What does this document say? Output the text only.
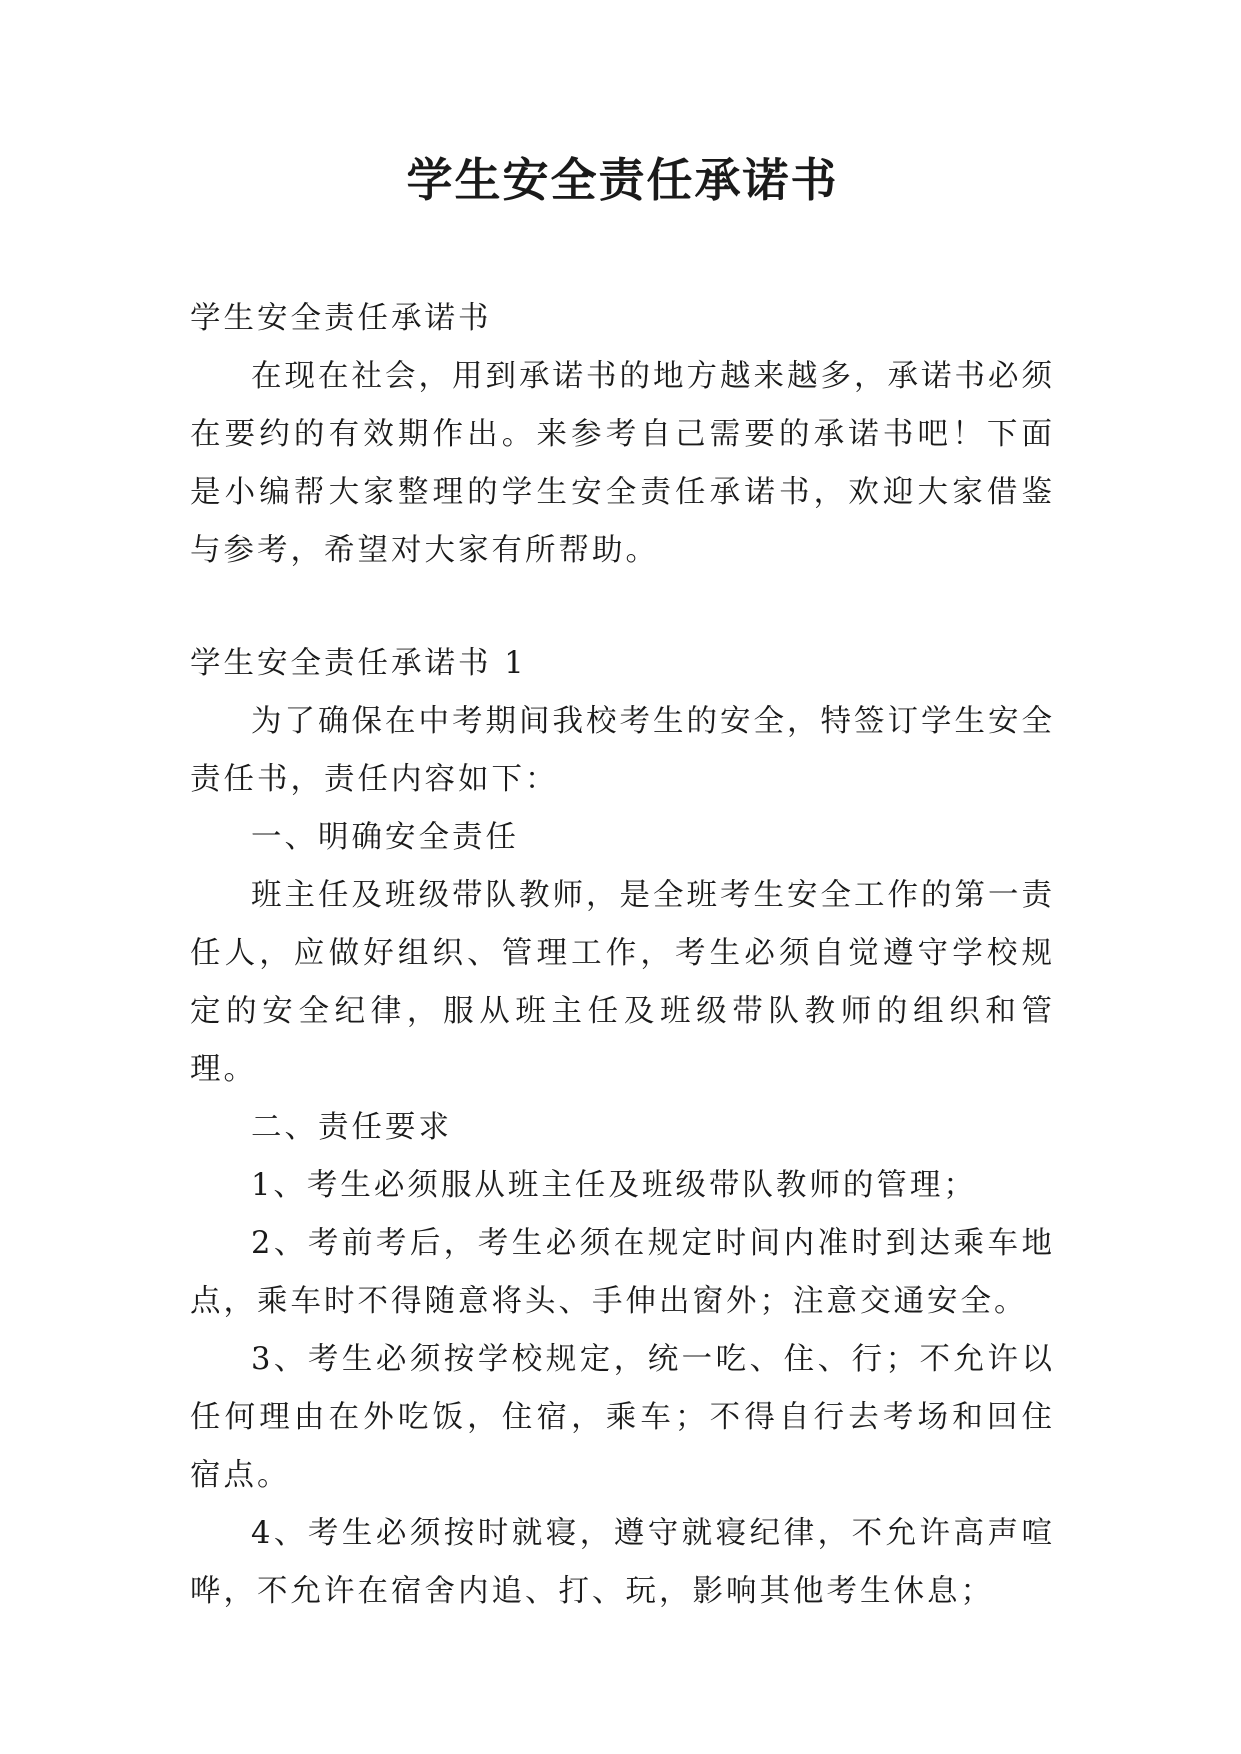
学生安全责任承诺书

学生安全责任承诺书

在现在社会，用到承诺书的地方越来越多，承诺书必须在要约的有效期作出。来参考自己需要的承诺书吧！下面是小编帮大家整理的学生安全责任承诺书，欢迎大家借鉴与参考，希望对大家有所帮助。

学生安全责任承诺书 1

为了确保在中考期间我校考生的安全，特签订学生安全责任书，责任内容如下：

一、明确安全责任

班主任及班级带队教师，是全班考生安全工作的第一责任人，应做好组织、管理工作，考生必须自觉遵守学校规定的安全纪律，服从班主任及班级带队教师的组织和管理。

二、责任要求

1、考生必须服从班主任及班级带队教师的管理；

2、考前考后，考生必须在规定时间内准时到达乘车地点，乘车时不得随意将头、手伸出窗外；注意交通安全。

3、考生必须按学校规定，统一吃、住、行；不允许以任何理由在外吃饭，住宿，乘车；不得自行去考场和回住宿点。

4、考生必须按时就寝，遵守就寝纪律，不允许高声喧哗，不允许在宿舍内追、打、玩，影响其他考生休息；
